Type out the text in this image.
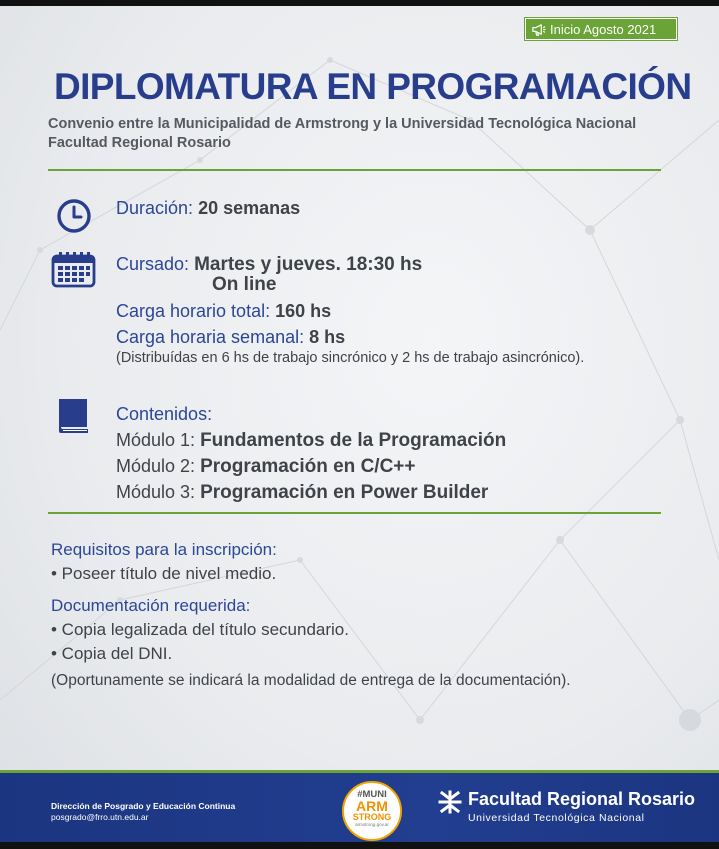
Inicio Agosto 2021
DIPLOMATURA EN PROGRAMACIÓN
Convenio entre la Municipalidad de Armstrong y la Universidad Tecnológica Nacional
Facultad Regional Rosario
Duración: 20 semanas
Cursado: Martes y jueves. 18:30 hs
On line
Carga horario total: 160 hs
Carga horaria semanal: 8 hs
(Distribuídas en 6 hs de trabajo sincrónico y 2 hs de trabajo asincrónico).
Contenidos:
Módulo 1: Fundamentos de la Programación
Módulo 2: Programación en C/C++
Módulo 3: Programación en Power Builder
Requisitos para la inscripción:
• Poseer título de nivel medio.
Documentación requerida:
• Copia legalizada del título secundario.
• Copia del DNI.
(Oportunamente se indicará la modalidad de entrega de la documentación).
Dirección de Posgrado y Educación Continua
posgrado@frro.utn.edu.ar
#MUNI
ARM
STRONG
armstrong.gov.ar
Facultad Regional Rosario
Universidad Tecnológica Nacional
